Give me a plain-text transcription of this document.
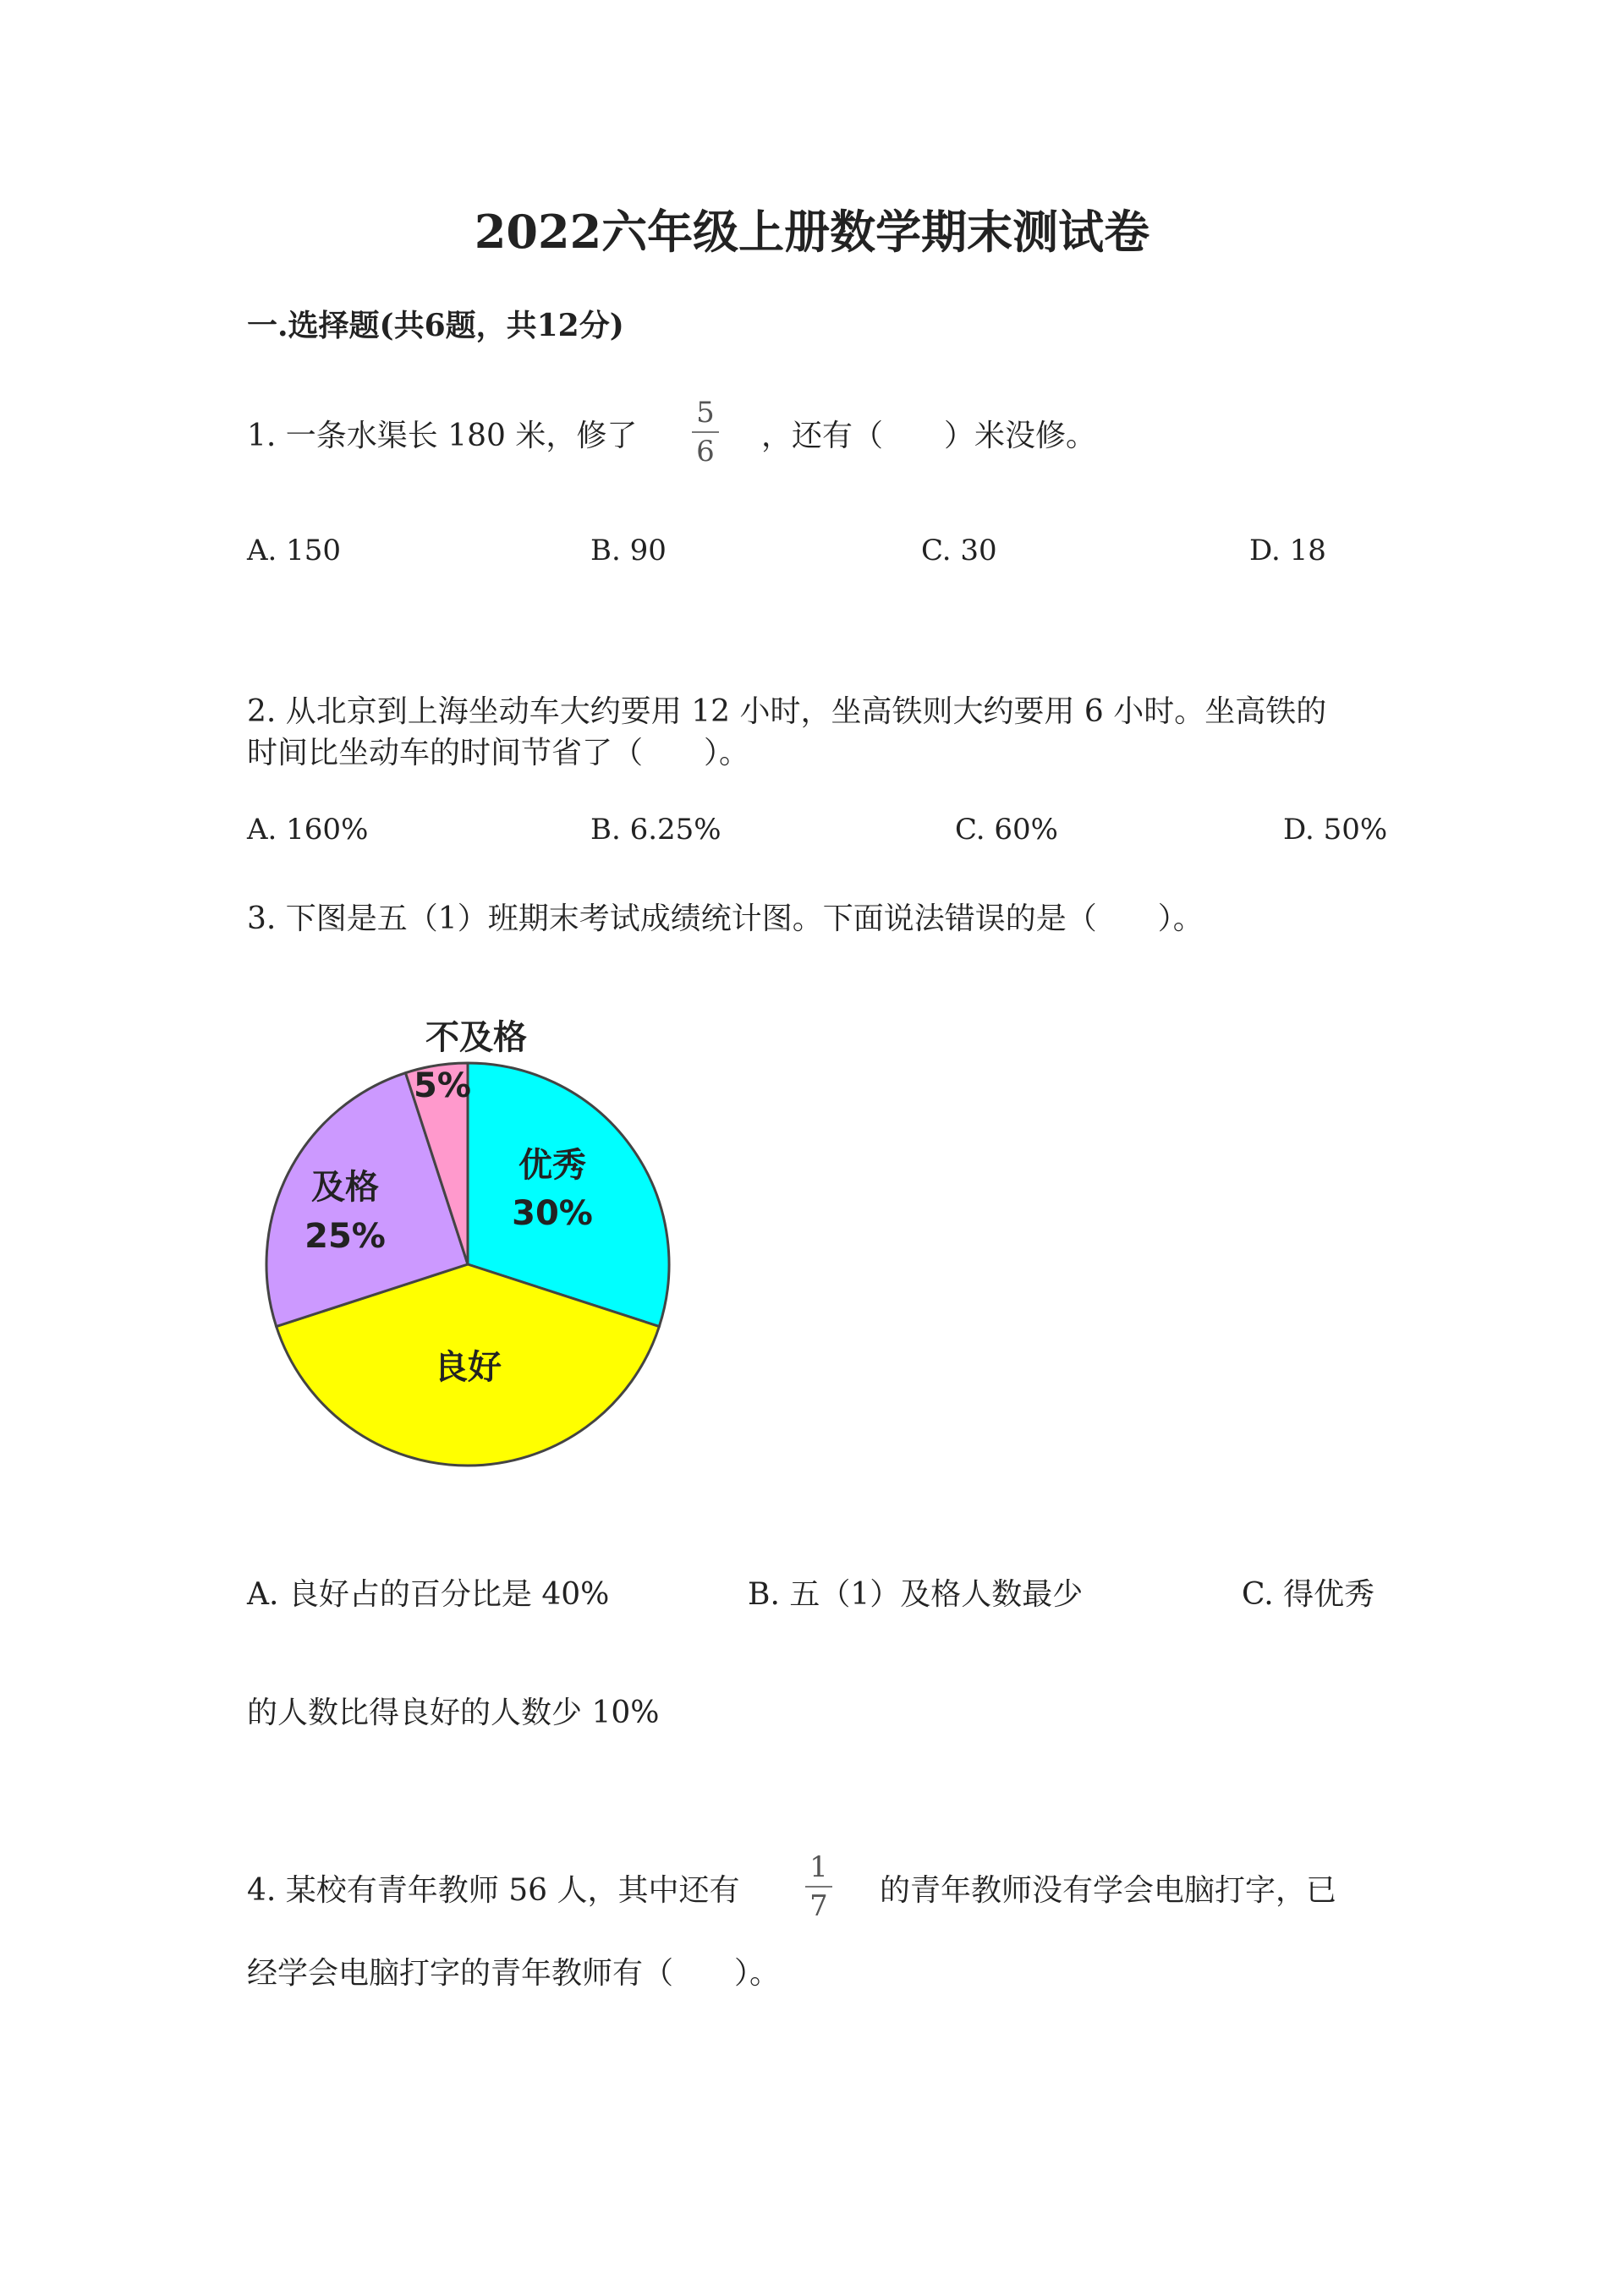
2022六年级上册数学期末测试卷
一.选择题(共6题，共12分)
1. 一条水渠长 180 米，修了
5
6 ，还有（　　）米没修。
A. 150	B. 90	C. 30	D. 18
2. 从北京到上海坐动车大约要用 12 小时，坐高铁则大约要用 6 小时。坐高铁的
时间比坐动车的时间节省了（　　）。
A. 160%	B. 6.25%	C. 60%	D. 50%
3. 下图是五（1）班期末考试成绩统计图。下面说法错误的是（　　）。
优秀
30%
良好
及格
25%
不及格
5%
A. 良好占的百分比是 40%	B. 五（1）及格人数最少	C. 得优秀
的人数比得良好的人数少 10%
4. 某校有青年教师 56 人，其中还有
1
7 的青年教师没有学会电脑打字，已
经学会电脑打字的青年教师有（　　）。
